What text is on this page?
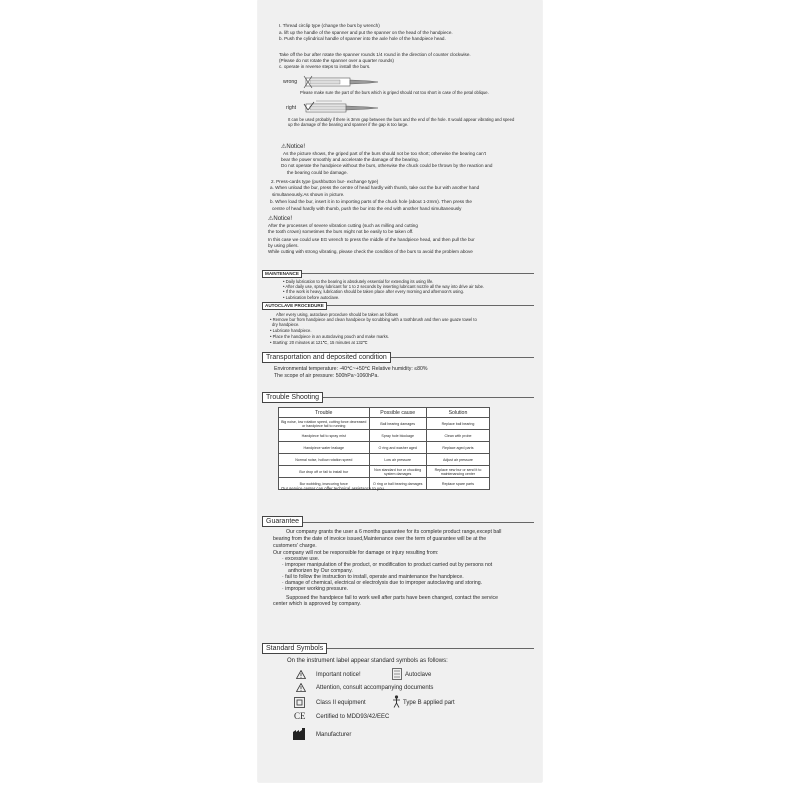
I. Thread circlip type (change the burs by wrench)
a. lift up the handle of the spanner and put the spanner on the head of the handpiece.
b. Push the cylindrical handle of spanner into the axle hole of the handpiece head.
Take off the bur after rotate the spanner rounds 1/4 round in the direction of counter clockwise.
(Please do not rotate the spanner over a quarter rounds)
c. operate in reverse steps to install the burs.
wrong
Please make sure the part of the burs which is griped should not too short in case of the petal oblique.
right
It can be used probably if there is 3mm gap between the burs and the end of the hole. It would appear vibrating and speed
up the damage of the bearing and spanner if the gap is too large.
⚠Notice!
As the picture shows, the griped part of the burs should not be too short; otherwise the bearing can't
bear the power smoothly and accelerate the damage of the bearing.
Do not operate the handpiece without the burs, otherwise the chuck could be thrown by the reaction and
the bearing could be damage.
2. Press-cards type (pushbutton bur- exchange type)
a. When unload the bur, press the centre of head hardly with thumb, take out the bur with another hand
simultaneously.As shown in picture.
b. When load the bur, insert it in to importing parts of the chuck hole (about 1-2mm). Then press the
centre of head hardly with thumb, push the bur into the end with another hand simultaneously
⚠Notice!
After the processes of severe vibration cutting (such as milling and cutting
the tooth crown) sometimes the burs might not be easily to be taken off.
In this case we could use EG wrench to press the middle of the handpiece head, and then pull the bur
by using pliers.
While cutting with strong vibrating, please check the condition of the burs to avoid the problem above
MAINTENANCE
• Daily lubrication to the bearing is absolutely essential for extending its using life.
• After daily use, spray lubricant for 1 to 2 seconds by inserting lubricant nozzle all the way into drive air tube.
• If the work is heavy, lubrication should be taken place after every morning and afternoon's using.
• Lubrication before autoclave.
AUTOCLAVE PROCEDURE
After every using, autoclave procedure should be taken as follows
• Remove bur from handpiece and clean handpiece by scrubbing with a toothbrush and then use guaze towel to
dry handpiece.
• Lubricate handpiece.
• Place the handpiece in an autoclaving pouch and make marks.
• Starting: 20 minutes at 121℃, 15 minutes at 132℃
Transportation and deposited condition
Environmental temperature: -40℃~+50℃ Relative humidity: ≤80%
The scope of air pressure: 500hPa~1060hPa.
Trouble Shooting
Trouble	Possible cause	Solution
Big noise, low rotation speed, cutting force decreased or handpiece fail to running	Ball bearing damages	Replace ball bearing
Handpiece fail to spray mist	Spray hole blockage	Clean with probe
Handpiece water leakage	O ring and washer aged	Replace aged parts
Normal noise, hollow rotation speed	Low air pressure	Adjust air pressure
Bur drop off or fail to install bur	Non standard bur or chucking system damages	Replace new bur or send it to maintenancing center
Bur wobbling, insecuring force	O ring or ball bearing damages	Replace spare parts
Our service center can offer technical assistance to you.
Guarantee
Our company grants the user a 6 months guarantee for its complete product range,except ball
bearing from the date of invoice issued,Maintenance over the term of guarantee will be at the
customers' charge.
Our company will not be responsible for damage or injury resulting from:
· excessive use.
· improper manipulation of the product, or modification to product carried out by persons not
anthorizen by Our company.
· fail to follow the instruction to install, operate and maintenance the handpiece.
· damage of chemical, electrical or electrolysis due to improper autoclaving and storing.
· improper working pressure.
Supposed the handpiece fail to work well after parts have been changed, contact the service
center which is approved by company.
Standard Symbols
On the instrument label appear standard symbols as follows:
Important notice!	Autoclave
Attention, consult accompanying documents
Class II equipment	Type B applied part
CE Certified to MDD93/42/EEC
Manufacturer
